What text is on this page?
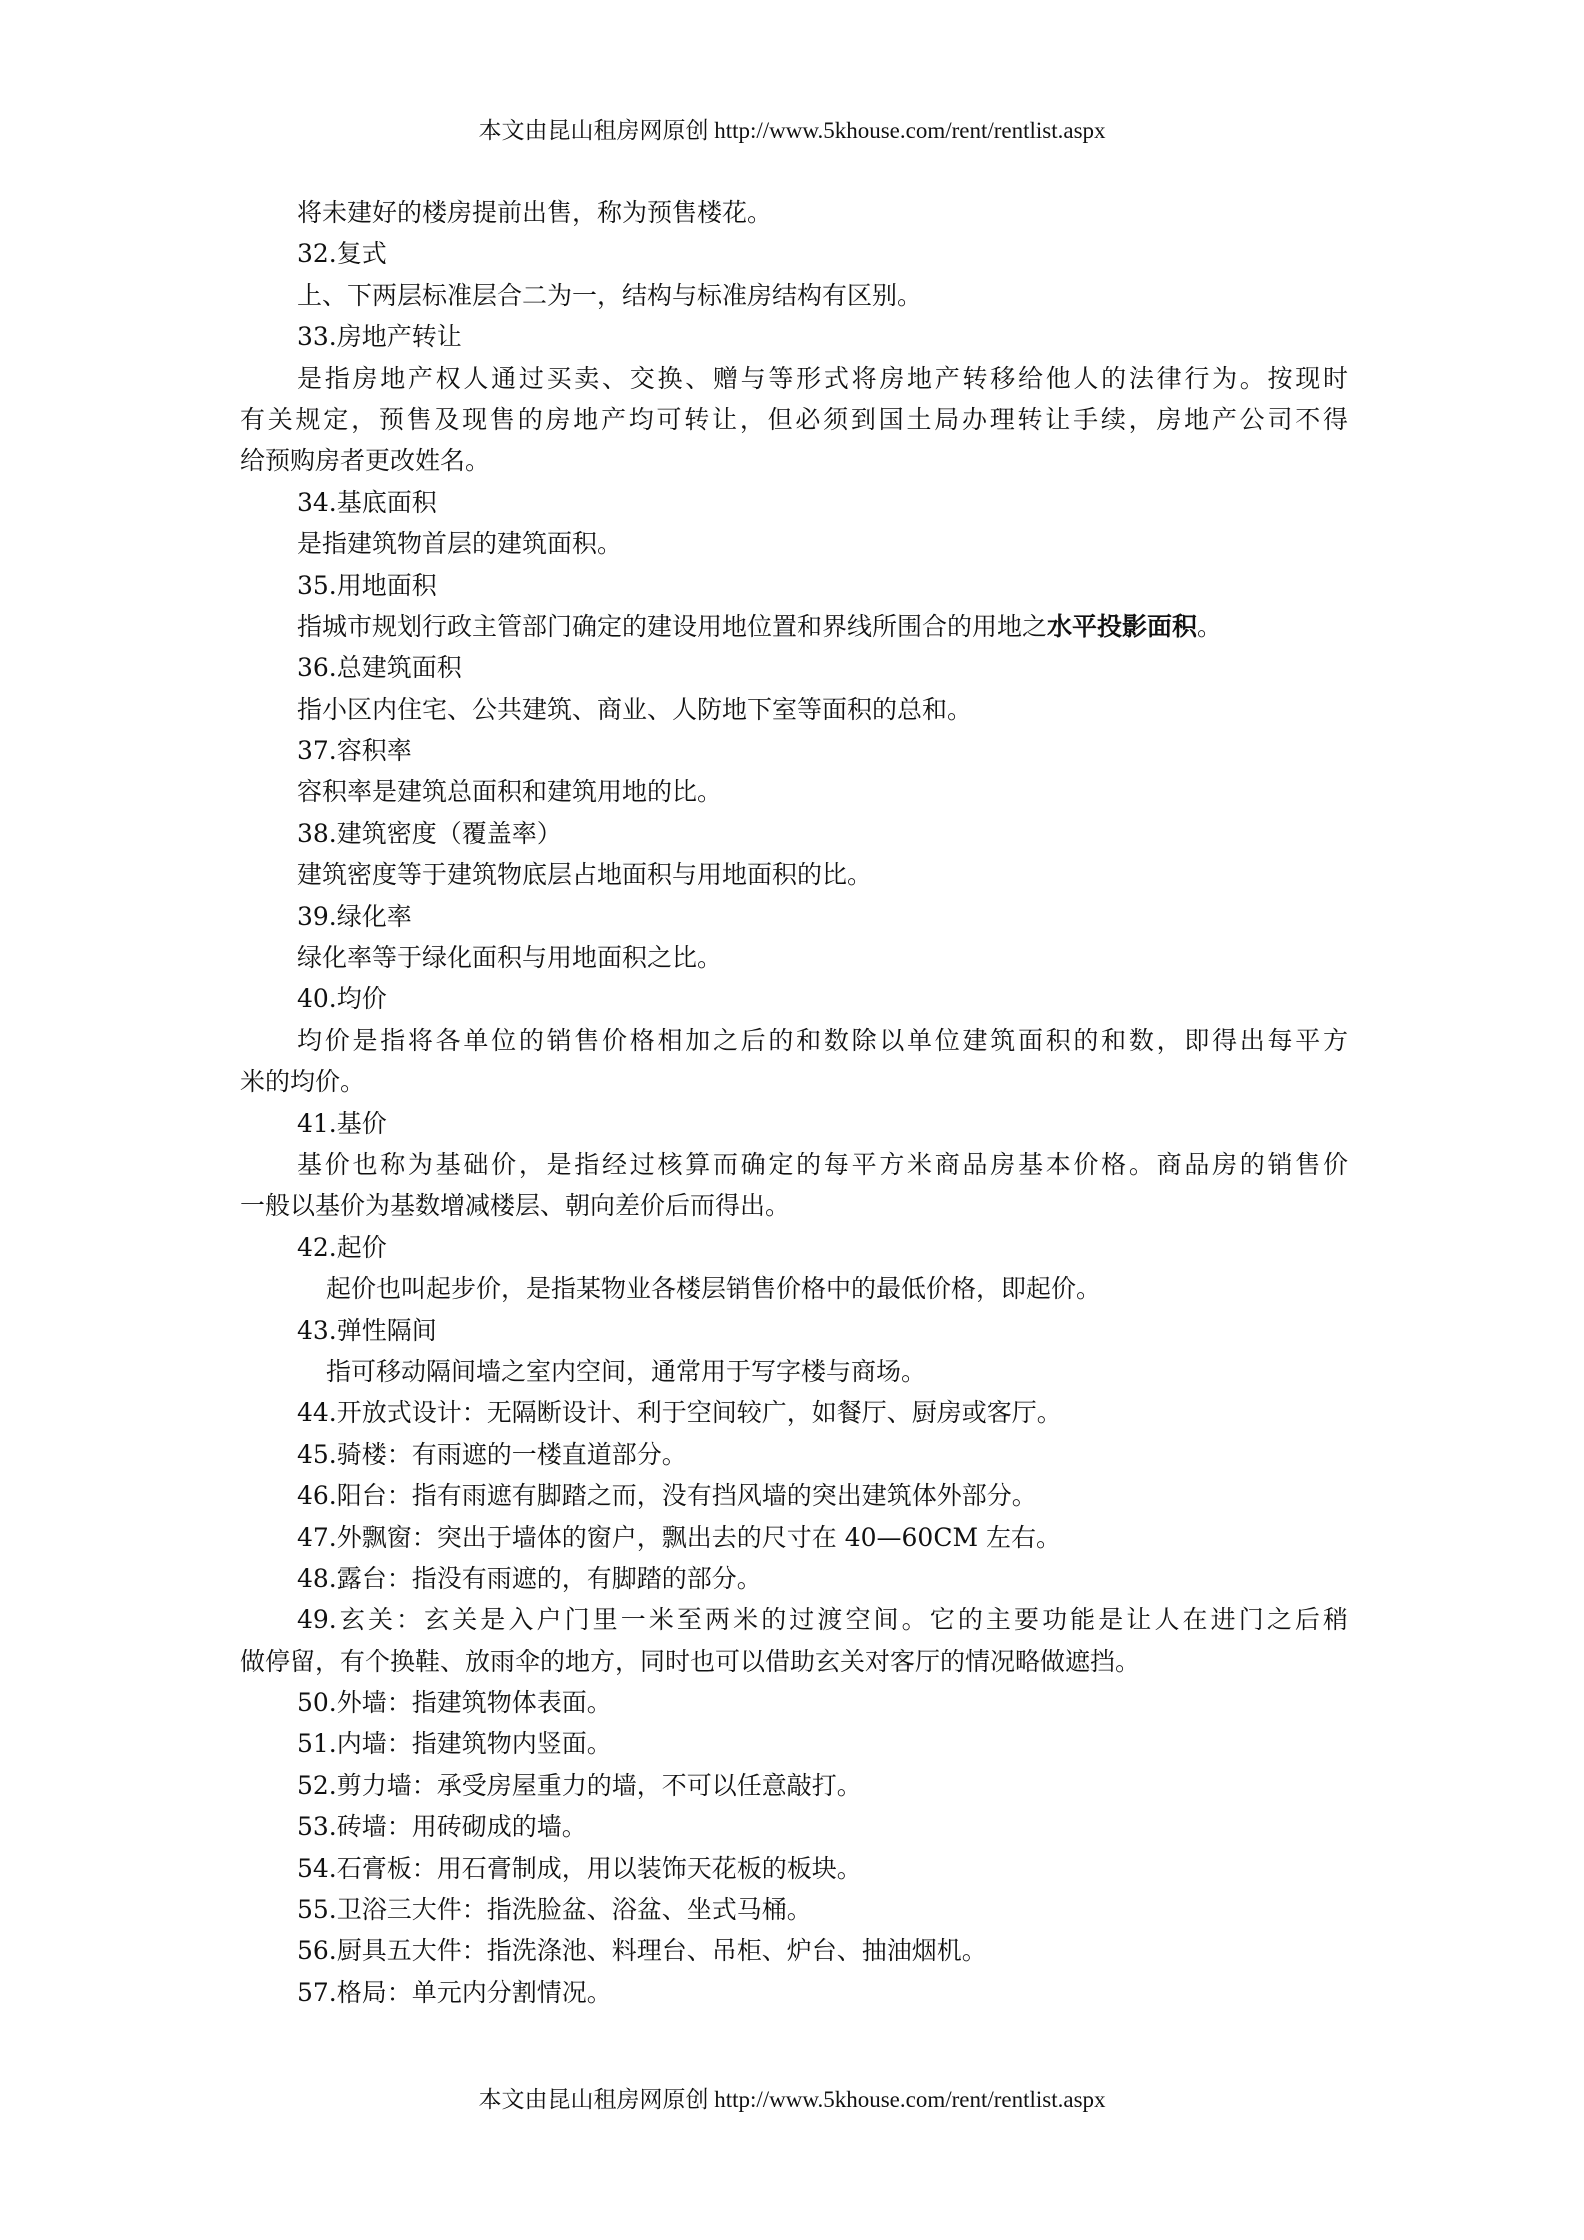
本文由昆山租房网原创 http://www.5khouse.com/rent/rentlist.aspx
将未建好的楼房提前出售，称为预售楼花。
32.复式
上、下两层标准层合二为一，结构与标准房结构有区别。
33.房地产转让
是指房地产权人通过买卖、交换、赠与等形式将房地产转移给他人的法律行为。按现时
有关规定，预售及现售的房地产均可转让，但必须到国土局办理转让手续，房地产公司不得
给预购房者更改姓名。
34.基底面积
是指建筑物首层的建筑面积。
35.用地面积
指城市规划行政主管部门确定的建设用地位置和界线所围合的用地之水平投影面积。
36.总建筑面积
指小区内住宅、公共建筑、商业、人防地下室等面积的总和。
37.容积率
容积率是建筑总面积和建筑用地的比。
38.建筑密度（覆盖率）
建筑密度等于建筑物底层占地面积与用地面积的比。
39.绿化率
绿化率等于绿化面积与用地面积之比。
40.均价
均价是指将各单位的销售价格相加之后的和数除以单位建筑面积的和数，即得出每平方
米的均价。
41.基价
基价也称为基础价，是指经过核算而确定的每平方米商品房基本价格。商品房的销售价
一般以基价为基数增减楼层、朝向差价后而得出。
42.起价
起价也叫起步价，是指某物业各楼层销售价格中的最低价格，即起价。
43.弹性隔间
指可移动隔间墙之室内空间，通常用于写字楼与商场。
44.开放式设计：无隔断设计、利于空间较广，如餐厅、厨房或客厅。
45.骑楼：有雨遮的一楼直道部分。
46.阳台：指有雨遮有脚踏之而，没有挡风墙的突出建筑体外部分。
47.外飘窗：突出于墙体的窗户，飘出去的尺寸在 40—60CM 左右。
48.露台：指没有雨遮的，有脚踏的部分。
49.玄关：玄关是入户门里一米至两米的过渡空间。它的主要功能是让人在进门之后稍
做停留，有个换鞋、放雨伞的地方，同时也可以借助玄关对客厅的情况略做遮挡。
50.外墙：指建筑物体表面。
51.内墙：指建筑物内竖面。
52.剪力墙：承受房屋重力的墙，不可以任意敲打。
53.砖墙：用砖砌成的墙。
54.石膏板：用石膏制成，用以装饰天花板的板块。
55.卫浴三大件：指洗脸盆、浴盆、坐式马桶。
56.厨具五大件：指洗涤池、料理台、吊柜、炉台、抽油烟机。
57.格局：单元内分割情况。
本文由昆山租房网原创 http://www.5khouse.com/rent/rentlist.aspx
